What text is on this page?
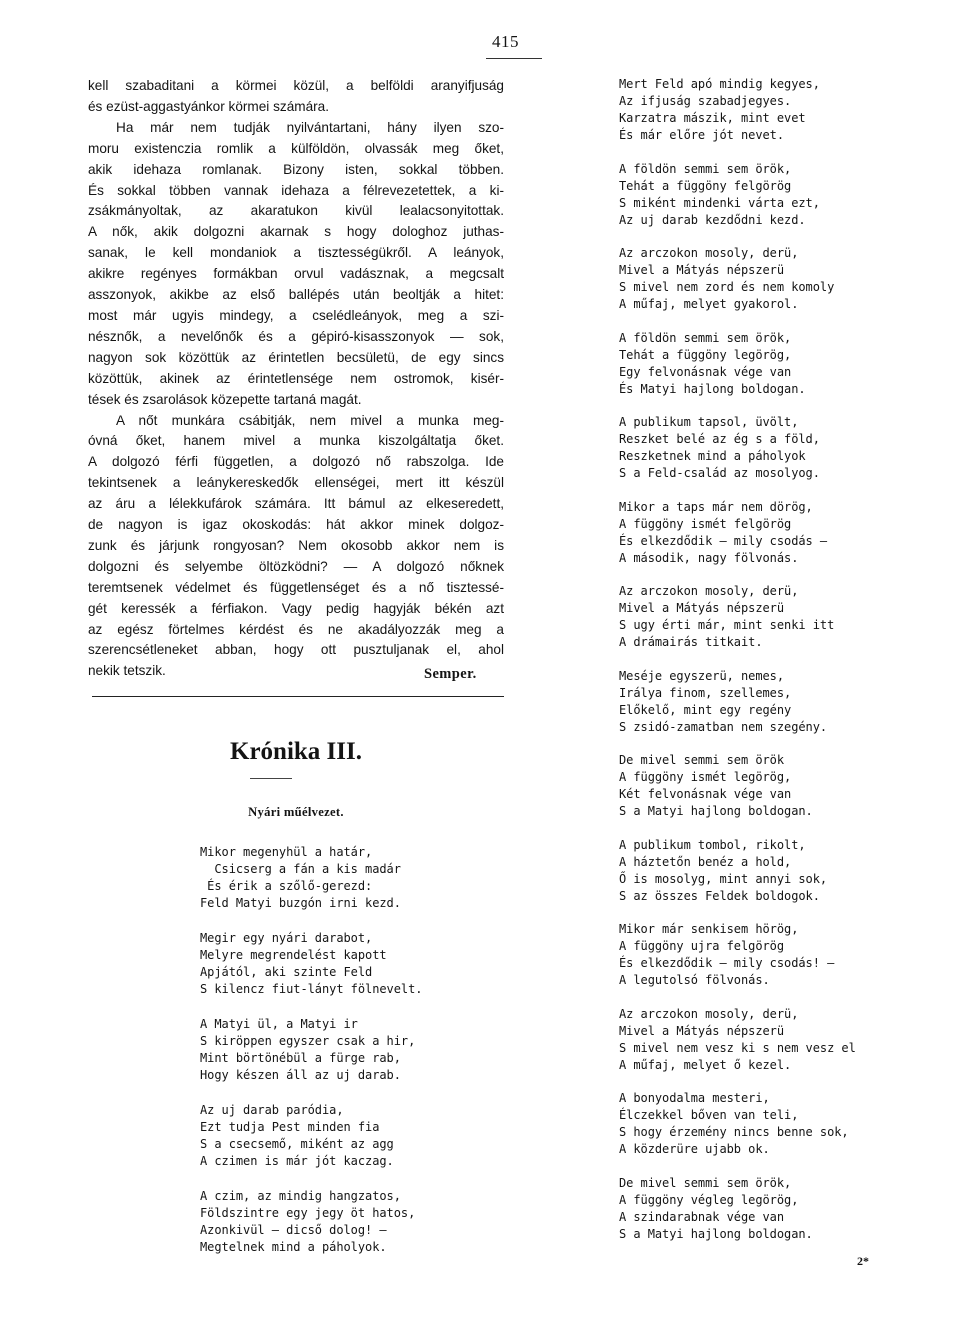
415

kell szabaditani a körmei közül, a belföldi aranyifjuság
és ezüst-aggastyánkor körmei számára.

Ha már nem tudják nyilvántartani, hány ilyen szo-
moru existenczia romlik a külföldön, olvassák meg őket,
akik idehaza romlanak. Bizony isten, sokkal többen.
És sokkal többen vannak idehaza a félrevezetettek, a ki-
zsákmányoltak, az akaratukon kivül lealacsonyitottak.
A nők, akik dolgozni akarnak s hogy dologhoz juthas-
sanak, le kell mondaniok a tisztességükről. A leányok,
akikre regényes formákban orvul vadásznak, a megcsalt
asszonyok, akikbe az első ballépés után beoltják a hitet:
most már ugyis mindegy, a cselédleányok, meg a szi-
nésznők, a nevelőnők és a gépiró-kisasszonyok — sok,
nagyon sok közöttük az érintetlen becsületü, de egy sincs
közöttük, akinek az érintetlensége nem ostromok, kisér-
tések és zsarolások közepette tartaná magát.

A nőt munkára csábitják, nem mivel a munka meg-
óvná őket, hanem mivel a munka kiszolgáltatja őket.
A dolgozó férfi független, a dolgozó nő rabszolga. Ide
tekintsenek a leánykereskedők ellenségei, mert itt készül
az áru a lélekkufárok számára. Itt bámul az elkeseredett,
de nagyon is igaz okoskodás: hát akkor minek dolgoz-
zunk és járjunk rongyosan? Nem okosobb akkor nem is
dolgozni és selyembe öltözködni? — A dolgozó nőknek
teremtsenek védelmet és függetlenséget és a nő tisztessé-
gét keressék a férfiakon. Vagy pedig hagyják békén azt
az egész förtelmes kérdést és ne akadályozzák meg a
szerencsétleneket abban, hogy ott pusztuljanak el, ahol
nekik tetszik.	Semper.
Krónika III.
Nyári műélvezet.
Mikor megenyhül a határ,
Csicserg a fán a kis madár
És érik a szőlő-gerezd:
Feld Matyi buzgón irni kezd.
Megir egy nyári darabot,
Melyre megrendelést kapott
Apjától, aki szinte Feld
S kilencz fiut-lányt fölnevelt.
A Matyi ül, a Matyi ir
S kiröppen egyszer csak a hir,
Mint börtönébül a fürge rab,
Hogy készen áll az uj darab.
Az uj darab paródia,
Ezt tudja Pest minden fia
S a csecsemő, miként az agg
A czimen is már jót kaczag.
A czim, az mindig hangzatos,
Földszintre egy jegy öt hatos,
Azonkivül — dicső dolog! —
Megtelnek mind a páholyok.
Mert Feld apó mindig kegyes,
Az ifjuság szabadjegyes.
Karzatra mászik, mint evet
És már előre jót nevet.
A földön semmi sem örök,
Tehát a függöny felgörög
S miként mindenki várta ezt,
Az uj darab kezdődni kezd.
Az arczokon mosoly, derü,
Mivel a Mátyás népszerü
S mivel nem zord és nem komoly
A műfaj, melyet gyakorol.
A földön semmi sem örök,
Tehát a függöny legörög,
Egy felvonásnak vége van
És Matyi hajlong boldogan.
A publikum tapsol, üvölt,
Reszket belé az ég s a föld,
Reszketnek mind a páholyok
S a Feld-család az mosolyog.
Mikor a taps már nem dörög,
A függöny ismét felgörög
És elkezdődik — mily csodás —
A második, nagy fölvonás.
Az arczokon mosoly, derü,
Mivel a Mátyás népszerü
S ugy érti már, mint senki itt
A drámairás titkait.
Meséje egyszerü, nemes,
Irálya finom, szellemes,
Előkelő, mint egy regény
S zsidó-zamatban nem szegény.
De mivel semmi sem örök
A függöny ismét legörög,
Két felvonásnak vége van
S a Matyi hajlong boldogan.
A publikum tombol, rikolt,
A háztetőn benéz a hold,
Ő is mosolyg, mint annyi sok,
S az összes Feldek boldogok.
Mikor már senkisem hörög,
A függöny ujra felgörög
És elkezdődik — mily csodás! —
A legutolsó fölvonás.
Az arczokon mosoly, derü,
Mivel a Mátyás népszerü
S mivel nem vesz ki s nem vesz el
A műfaj, melyet ő kezel.
A bonyodalma mesteri,
Élczekkel bőven van teli,
S hogy érzemény nincs benne sok,
A közderüre ujabb ok.
De mivel semmi sem örök,
A függöny végleg legörög,
A szindarabnak vége van
S a Matyi hajlong boldogan.
2*
